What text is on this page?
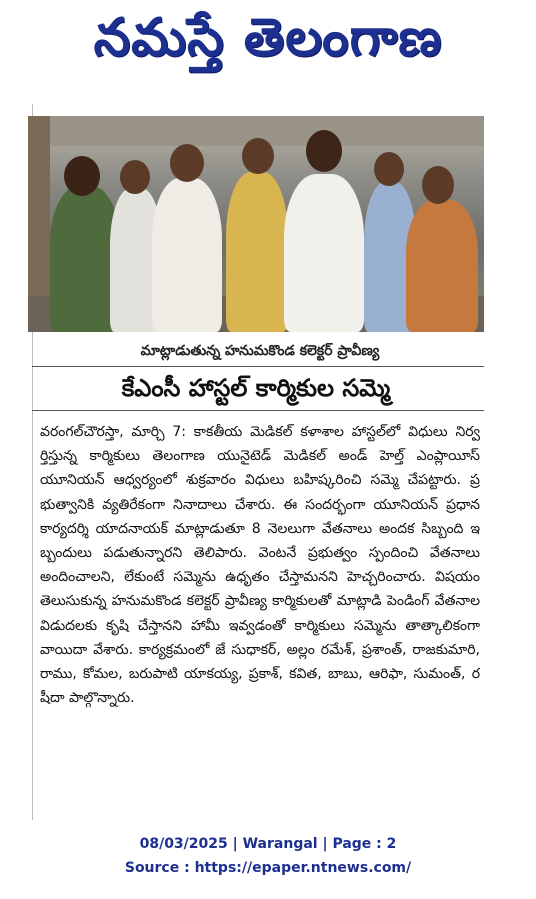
నమస్తే తెలంగాణ
మాట్లాడుతున్న హనుమకొండ కలెక్టర్ ప్రావీణ్య
కేఎంసీ హాస్టల్ కార్మికుల సమ్మె
వరంగల్‌చౌరస్తా, మార్చి 7: కాకతీయ మెడికల్ కళాశాల హాస్టల్‌లో విధులు నిర్వర్తిస్తున్న కార్మికులు తెలంగాణ యునైటెడ్ మెడికల్ అండ్ హెల్త్ ఎంప్లాయీస్ యూనియన్ ఆధ్వర్యంలో శుక్రవారం విధులు బహిష్కరించి సమ్మె చేపట్టారు. ప్రభుత్వానికి వ్యతిరేకంగా నినాదాలు చేశారు. ఈ సందర్భంగా యూనియన్ ప్రధాన కార్యదర్శి యాదనాయక్ మాట్లాడుతూ 8 నెలలుగా వేతనాలు అందక సిబ్బంది ఇబ్బందులు పడుతున్నారని తెలిపారు. వెంటనే ప్రభుత్వం స్పందించి వేతనాలు అందించాలని, లేకుంటే సమ్మెను ఉధృతం చేస్తామనని హెచ్చరించారు. విషయం తెలుసుకున్న హనుమకొండ కలెక్టర్ ప్రావీణ్య కార్మికులతో మాట్లాడి పెండింగ్ వేతనాల విడుదలకు కృషి చేస్తానని హామీ ఇవ్వడంతో కార్మికులు సమ్మెను తాత్కాలికంగా వాయిదా వేశారు. కార్యక్రమంలో జే సుధాకర్, అల్లం రమేశ్, ప్రశాంత్, రాజకుమారి, రాము, కోమల, బరుపాటి యాకయ్య, ప్రకాశ్, కవిత, బాబు, ఆరిఫా, సుమంత్, రషీదా పాల్గొన్నారు.
08/03/2025 | Warangal | Page : 2
Source : https://epaper.ntnews.com/
